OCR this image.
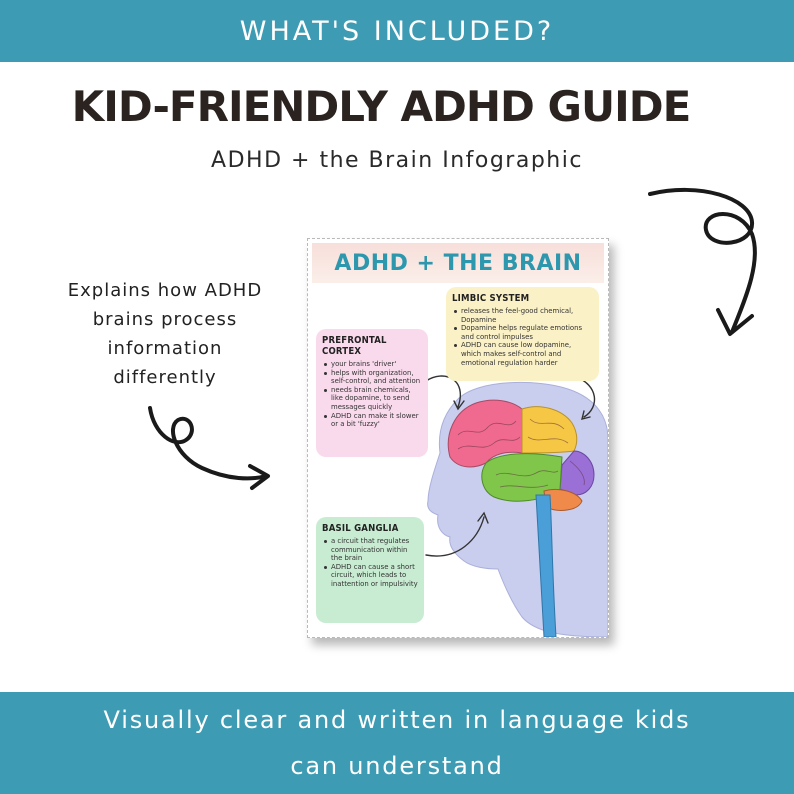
WHAT'S INCLUDED?
KID-FRIENDLY ADHD GUIDE
ADHD + the Brain Infographic
Explains how ADHD
brains process
information
differently
ADHD + THE BRAIN
LIMBIC SYSTEM
releases the feel-good chemical, Dopamine
Dopamine helps regulate emotions and control impulses
ADHD can cause low dopamine, which makes self-control and emotional regulation harder
PREFRONTAL CORTEX
your brains 'driver'
helps with organization, self-control, and attention
needs brain chemicals, like dopamine, to send messages quickly
ADHD can make it slower or a bit 'fuzzy'
BASIL GANGLIA
a circuit that regulates communication within the brain
ADHD can cause a short circuit, which leads to inattention or impulsivity
Visually clear and written in language kids
can understand
